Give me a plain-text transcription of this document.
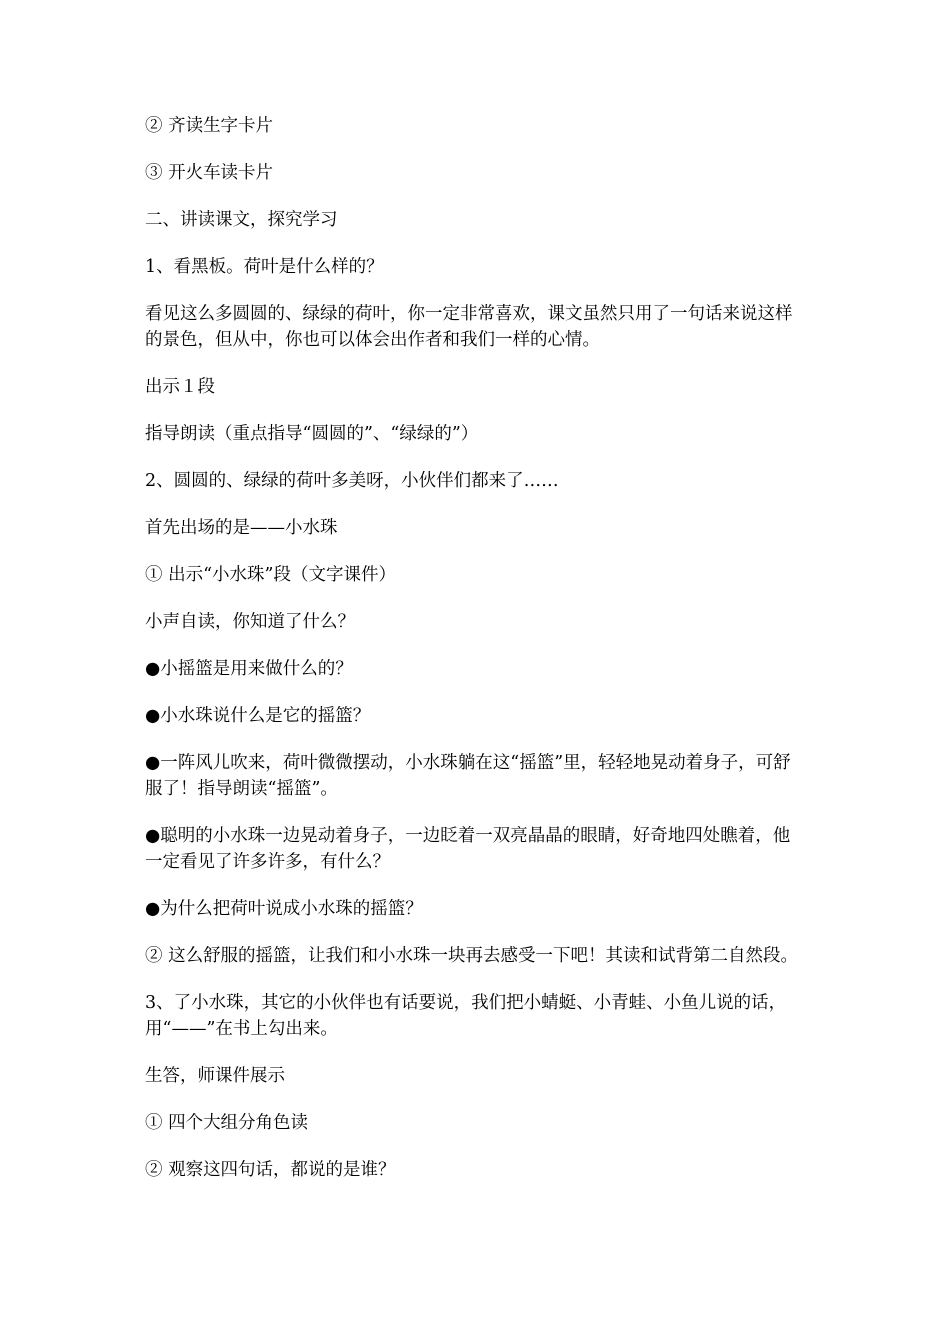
② 齐读生字卡片

③ 开火车读卡片

二、讲读课文，探究学习

1、看黑板。荷叶是什么样的？

看见这么多圆圆的、绿绿的荷叶，你一定非常喜欢，课文虽然只用了一句话来说这样的景色，但从中，你也可以体会出作者和我们一样的心情。

出示１段

指导朗读（重点指导“圆圆的”、“绿绿的”）

2、圆圆的、绿绿的荷叶多美呀，小伙伴们都来了……

首先出场的是——小水珠

① 出示“小水珠”段（文字课件）

小声自读，你知道了什么？

●小摇篮是用来做什么的？

●小水珠说什么是它的摇篮？

●一阵风儿吹来，荷叶微微摆动，小水珠躺在这“摇篮”里，轻轻地晃动着身子，可舒服了！指导朗读“摇篮”。

●聪明的小水珠一边晃动着身子，一边眨着一双亮晶晶的眼睛，好奇地四处瞧着，他一定看见了许多许多，有什么？

●为什么把荷叶说成小水珠的摇篮？

② 这么舒服的摇篮，让我们和小水珠一块再去感受一下吧！其读和试背第二自然段。

3、了小水珠，其它的小伙伴也有话要说，我们把小蜻蜓、小青蛙、小鱼儿说的话，用“——”在书上勾出来。

生答，师课件展示

① 四个大组分角色读

② 观察这四句话，都说的是谁？
